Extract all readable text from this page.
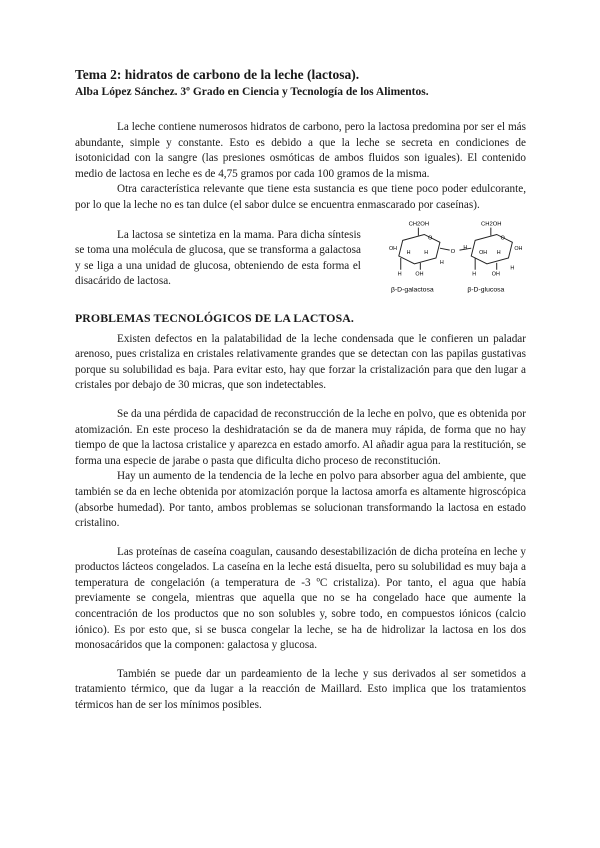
Tema 2: hidratos de carbono de la leche (lactosa).
Alba López Sánchez. 3º Grado en Ciencia y Tecnología de los Alimentos.

La leche contiene numerosos hidratos de carbono, pero la lactosa predomina por ser el más abundante, simple y constante. Esto es debido a que la leche se secreta en condiciones de isotonicidad con la sangre (las presiones osmóticas de ambos fluidos son iguales). El contenido medio de lactosa en leche es de 4,75 gramos por cada 100 gramos de la misma.

Otra característica relevante que tiene esta sustancia es que tiene poco poder edulcorante, por lo que la leche no es tan dulce (el sabor dulce se encuentra enmascarado por caseínas).

La lactosa se sintetiza en la mama. Para dicha síntesis se toma una molécula de glucosa, que se transforma a galactosa y se liga a una unidad de glucosa, obteniendo de esta forma el disacárido de lactosa.

O
CH2OH	CH2OH
O	O
OH
H H
H
H OH
H
OH H
OH
H	OH
H
β-D-galactosa	β-D-glucosa
PROBLEMAS TECNOLÓGICOS DE LA LACTOSA.

Existen defectos en la palatabilidad de la leche condensada que le confieren un paladar arenoso, pues cristaliza en cristales relativamente grandes que se detectan con las papilas gustativas porque su solubilidad es baja. Para evitar esto, hay que forzar la cristalización para que den lugar a cristales por debajo de 30 micras, que son indetectables.

Se da una pérdida de capacidad de reconstrucción de la leche en polvo, que es obtenida por atomización. En este proceso la deshidratación se da de manera muy rápida, de forma que no hay tiempo de que la lactosa cristalice y aparezca en estado amorfo. Al añadir agua para la restitución, se forma una especie de jarabe o pasta que dificulta dicho proceso de reconstitución.

Hay un aumento de la tendencia de la leche en polvo para absorber agua del ambiente, que también se da en leche obtenida por atomización porque la lactosa amorfa es altamente higroscópica (absorbe humedad). Por tanto, ambos problemas se solucionan transformando la lactosa en estado cristalino.

Las proteínas de caseína coagulan, causando desestabilización de dicha proteína en leche y productos lácteos congelados. La caseína en la leche está disuelta, pero su solubilidad es muy baja a temperatura de congelación (a temperatura de -3 ºC cristaliza). Por tanto, el agua que había previamente se congela, mientras que aquella que no se ha congelado hace que aumente la concentración de los productos que no son solubles y, sobre todo, en compuestos iónicos (calcio iónico). Es por esto que, si se busca congelar la leche, se ha de hidrolizar la lactosa en los dos monosacáridos que la componen: galactosa y glucosa.

También se puede dar un pardeamiento de la leche y sus derivados al ser sometidos a tratamiento térmico, que da lugar a la reacción de Maillard. Esto implica que los tratamientos térmicos han de ser los mínimos posibles.
